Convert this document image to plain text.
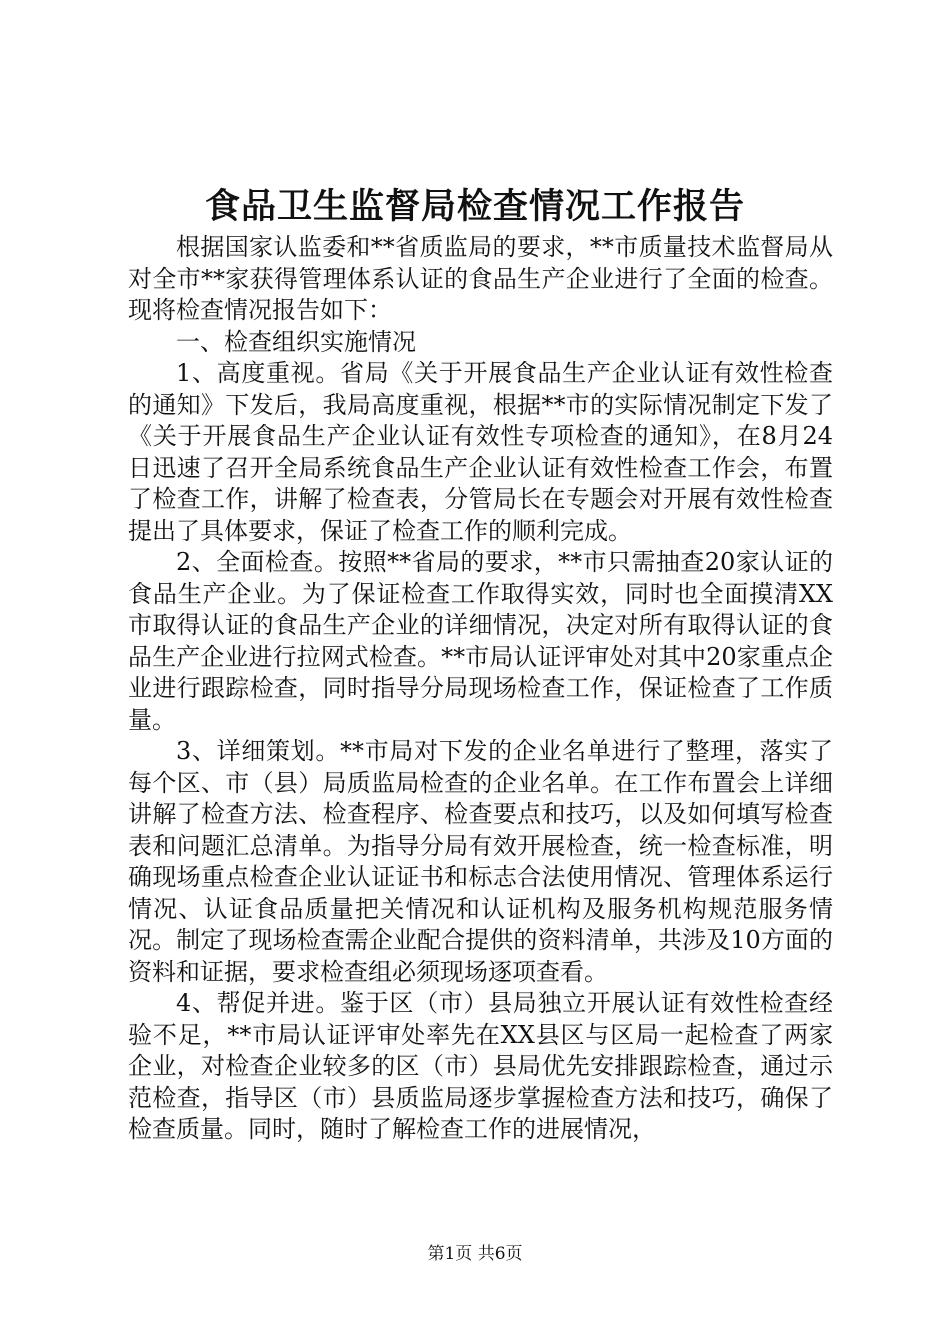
食品卫生监督局检查情况工作报告

根据国家认监委和**省质监局的要求，**市质量技术监督局从对全市**家获得管理体系认证的食品生产企业进行了全面的检查。现将检查情况报告如下：

一、检查组织实施情况

1、高度重视。省局《关于开展食品生产企业认证有效性检查的通知》下发后，我局高度重视，根据**市的实际情况制定下发了《关于开展食品生产企业认证有效性专项检查的通知》，在8月24日迅速了召开全局系统食品生产企业认证有效性检查工作会，布置了检查工作，讲解了检查表，分管局长在专题会对开展有效性检查提出了具体要求，保证了检查工作的顺利完成。

2、全面检查。按照**省局的要求，**市只需抽查20家认证的食品生产企业。为了保证检查工作取得实效，同时也全面摸清XX市取得认证的食品生产企业的详细情况，决定对所有取得认证的食品生产企业进行拉网式检查。**市局认证评审处对其中20家重点企业进行跟踪检查，同时指导分局现场检查工作，保证检查了工作质量。

3、详细策划。**市局对下发的企业名单进行了整理，落实了每个区、市（县）局质监局检查的企业名单。在工作布置会上详细讲解了检查方法、检查程序、检查要点和技巧，以及如何填写检查表和问题汇总清单。为指导分局有效开展检查，统一检查标准，明确现场重点检查企业认证证书和标志合法使用情况、管理体系运行情况、认证食品质量把关情况和认证机构及服务机构规范服务情况。制定了现场检查需企业配合提供的资料清单，共涉及10方面的资料和证据，要求检查组必须现场逐项查看。

4、帮促并进。鉴于区（市）县局独立开展认证有效性检查经验不足，**市局认证评审处率先在XX县区与区局一起检查了两家企业，对检查企业较多的区（市）县局优先安排跟踪检查，通过示范检查，指导区（市）县质监局逐步掌握检查方法和技巧，确保了检查质量。同时，随时了解检查工作的进展情况，

第1页 共6页
